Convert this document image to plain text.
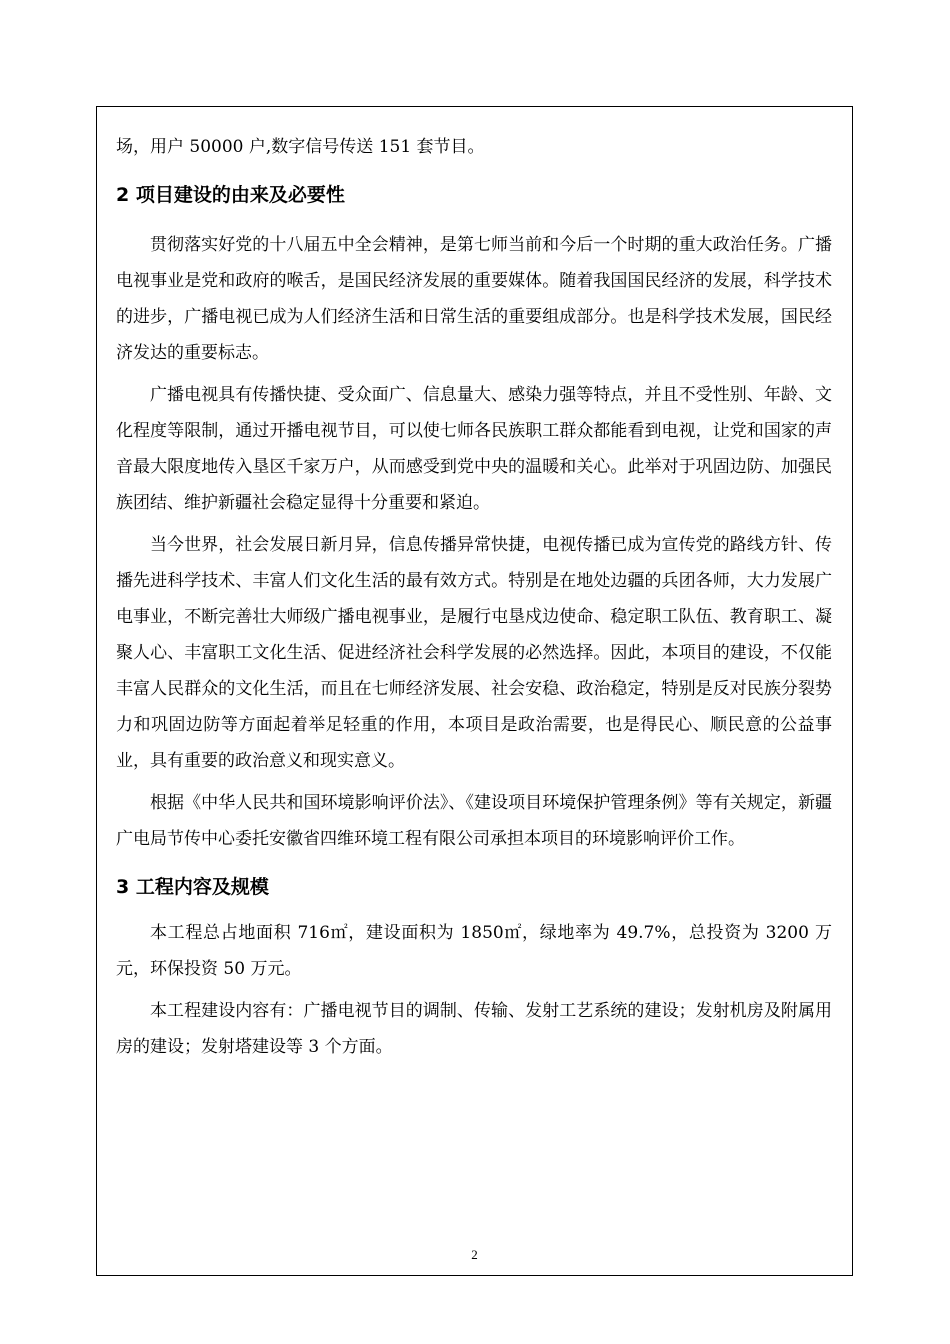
场，用户 50000 户,数字信号传送 151 套节目。
2 项目建设的由来及必要性

贯彻落实好党的十八届五中全会精神，是第七师当前和今后一个时期的重大政治任务。广播电视事业是党和政府的喉舌，是国民经济发展的重要媒体。随着我国国民经济的发展，科学技术的进步，广播电视已成为人们经济生活和日常生活的重要组成部分。也是科学技术发展，国民经济发达的重要标志。

广播电视具有传播快捷、受众面广、信息量大、感染力强等特点，并且不受性别、年龄、文化程度等限制，通过开播电视节目，可以使七师各民族职工群众都能看到电视，让党和国家的声音最大限度地传入垦区千家万户，从而感受到党中央的温暖和关心。此举对于巩固边防、加强民族团结、维护新疆社会稳定显得十分重要和紧迫。

当今世界，社会发展日新月异，信息传播异常快捷，电视传播已成为宣传党的路线方针、传播先进科学技术、丰富人们文化生活的最有效方式。特别是在地处边疆的兵团各师，大力发展广电事业，不断完善壮大师级广播电视事业，是履行屯垦戍边使命、稳定职工队伍、教育职工、凝聚人心、丰富职工文化生活、促进经济社会科学发展的必然选择。因此，本项目的建设，不仅能丰富人民群众的文化生活，而且在七师经济发展、社会安稳、政治稳定，特别是反对民族分裂势力和巩固边防等方面起着举足轻重的作用，本项目是政治需要，也是得民心、顺民意的公益事业，具有重要的政治意义和现实意义。

根据《中华人民共和国环境影响评价法》、《建设项目环境保护管理条例》等有关规定，新疆广电局节传中心委托安徽省四维环境工程有限公司承担本项目的环境影响评价工作。

3 工程内容及规模

本工程总占地面积 716㎡，建设面积为 1850㎡，绿地率为 49.7%，总投资为 3200 万元，环保投资 50 万元。

本工程建设内容有：广播电视节目的调制、传输、发射工艺系统的建设；发射机房及附属用房的建设；发射塔建设等 3 个方面。

2
